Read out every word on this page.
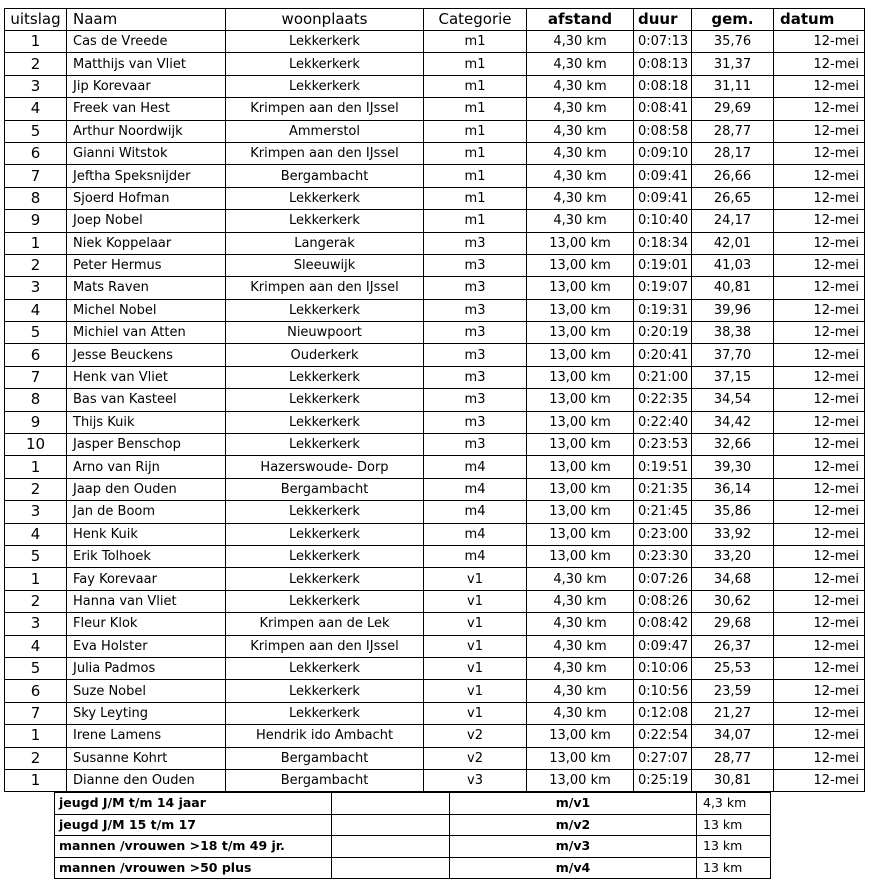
uitslag	Naam	woonplaats	Categorie	afstand	duur	gem.	datum
1	Cas de Vreede	Lekkerkerk	m1	4,30 km	0:07:13	35,76	12-mei
2	Matthijs van Vliet	Lekkerkerk	m1	4,30 km	0:08:13	31,37	12-mei
3	Jip Korevaar	Lekkerkerk	m1	4,30 km	0:08:18	31,11	12-mei
4	Freek van Hest	Krimpen aan den IJssel	m1	4,30 km	0:08:41	29,69	12-mei
5	Arthur Noordwijk	Ammerstol	m1	4,30 km	0:08:58	28,77	12-mei
6	Gianni Witstok	Krimpen aan den IJssel	m1	4,30 km	0:09:10	28,17	12-mei
7	Jeftha Speksnijder	Bergambacht	m1	4,30 km	0:09:41	26,66	12-mei
8	Sjoerd Hofman	Lekkerkerk	m1	4,30 km	0:09:41	26,65	12-mei
9	Joep Nobel	Lekkerkerk	m1	4,30 km	0:10:40	24,17	12-mei
1	Niek Koppelaar	Langerak	m3	13,00 km	0:18:34	42,01	12-mei
2	Peter Hermus	Sleeuwijk	m3	13,00 km	0:19:01	41,03	12-mei
3	Mats Raven	Krimpen aan den IJssel	m3	13,00 km	0:19:07	40,81	12-mei
4	Michel Nobel	Lekkerkerk	m3	13,00 km	0:19:31	39,96	12-mei
5	Michiel van Atten	Nieuwpoort	m3	13,00 km	0:20:19	38,38	12-mei
6	Jesse Beuckens	Ouderkerk	m3	13,00 km	0:20:41	37,70	12-mei
7	Henk van Vliet	Lekkerkerk	m3	13,00 km	0:21:00	37,15	12-mei
8	Bas van Kasteel	Lekkerkerk	m3	13,00 km	0:22:35	34,54	12-mei
9	Thijs Kuik	Lekkerkerk	m3	13,00 km	0:22:40	34,42	12-mei
10	Jasper Benschop	Lekkerkerk	m3	13,00 km	0:23:53	32,66	12-mei
1	Arno van Rijn	Hazerswoude- Dorp	m4	13,00 km	0:19:51	39,30	12-mei
2	Jaap den Ouden	Bergambacht	m4	13,00 km	0:21:35	36,14	12-mei
3	Jan de Boom	Lekkerkerk	m4	13,00 km	0:21:45	35,86	12-mei
4	Henk Kuik	Lekkerkerk	m4	13,00 km	0:23:00	33,92	12-mei
5	Erik Tolhoek	Lekkerkerk	m4	13,00 km	0:23:30	33,20	12-mei
1	Fay Korevaar	Lekkerkerk	v1	4,30 km	0:07:26	34,68	12-mei
2	Hanna van Vliet	Lekkerkerk	v1	4,30 km	0:08:26	30,62	12-mei
3	Fleur Klok	Krimpen aan de Lek	v1	4,30 km	0:08:42	29,68	12-mei
4	Eva Holster	Krimpen aan den IJssel	v1	4,30 km	0:09:47	26,37	12-mei
5	Julia Padmos	Lekkerkerk	v1	4,30 km	0:10:06	25,53	12-mei
6	Suze Nobel	Lekkerkerk	v1	4,30 km	0:10:56	23,59	12-mei
7	Sky Leyting	Lekkerkerk	v1	4,30 km	0:12:08	21,27	12-mei
1	Irene Lamens	Hendrik ido Ambacht	v2	13,00 km	0:22:54	34,07	12-mei
2	Susanne Kohrt	Bergambacht	v2	13,00 km	0:27:07	28,77	12-mei
1	Dianne den Ouden	Bergambacht	v3	13,00 km	0:25:19	30,81	12-mei
jeugd J/M t/m 14 jaar		m/v1	4,3 km
jeugd J/M 15 t/m 17		m/v2	13 km
mannen /vrouwen >18 t/m 49 jr.		m/v3	13 km
mannen /vrouwen >50 plus		m/v4	13 km
